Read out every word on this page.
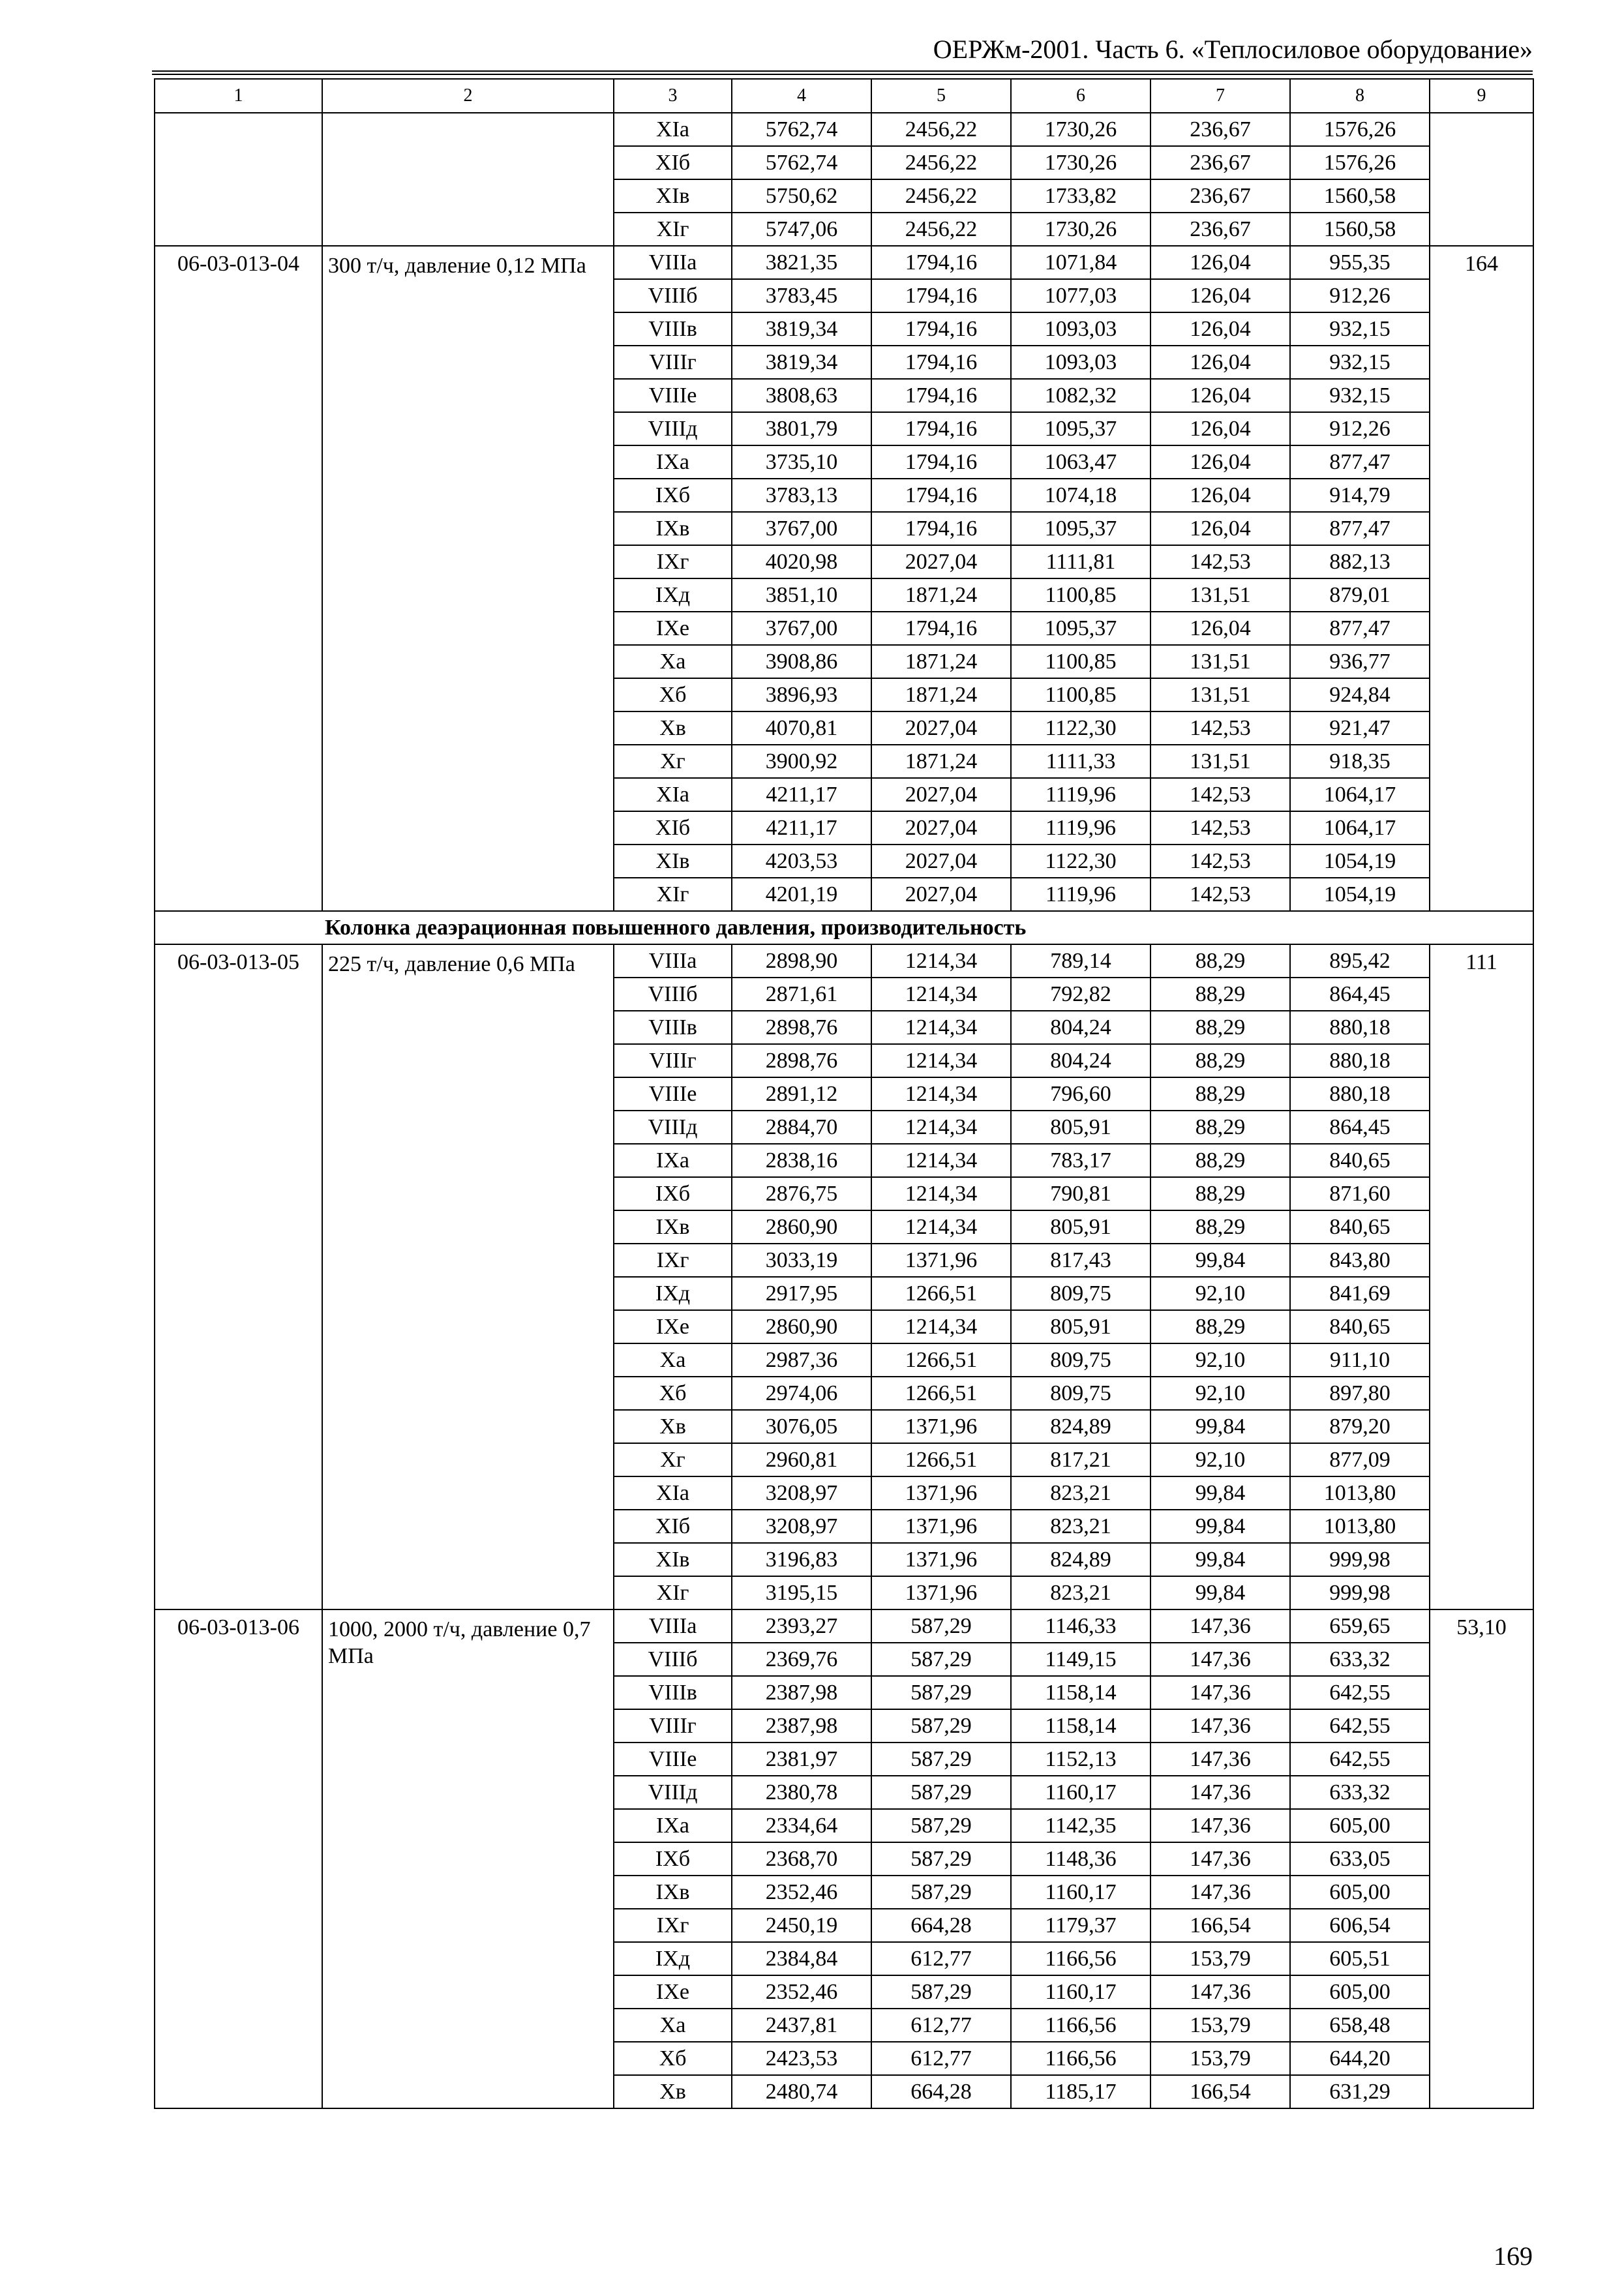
ОЕРЖм-2001. Часть 6. «Теплосиловое оборудование»
1	2	3	4	5	6	7	8	9
		XIа	5762,74	2456,22	1730,26	236,67	1576,26	
		XIб	5762,74	2456,22	1730,26	236,67	1576,26	
		XIв	5750,62	2456,22	1733,82	236,67	1560,58	
		XIг	5747,06	2456,22	1730,26	236,67	1560,58	
06-03-013-04	300 т/ч, давление 0,12 МПа	VIIIа	3821,35	1794,16	1071,84	126,04	955,35	164
		VIIIб	3783,45	1794,16	1077,03	126,04	912,26	
		VIIIв	3819,34	1794,16	1093,03	126,04	932,15	
		VIIIг	3819,34	1794,16	1093,03	126,04	932,15	
		VIIIе	3808,63	1794,16	1082,32	126,04	932,15	
		VIIIд	3801,79	1794,16	1095,37	126,04	912,26	
		IXа	3735,10	1794,16	1063,47	126,04	877,47	
		IXб	3783,13	1794,16	1074,18	126,04	914,79	
		IXв	3767,00	1794,16	1095,37	126,04	877,47	
		IXг	4020,98	2027,04	1111,81	142,53	882,13	
		IXд	3851,10	1871,24	1100,85	131,51	879,01	
		IXе	3767,00	1794,16	1095,37	126,04	877,47	
		Xа	3908,86	1871,24	1100,85	131,51	936,77	
		Xб	3896,93	1871,24	1100,85	131,51	924,84	
		Xв	4070,81	2027,04	1122,30	142,53	921,47	
		Xг	3900,92	1871,24	1111,33	131,51	918,35	
		XIа	4211,17	2027,04	1119,96	142,53	1064,17	
		XIб	4211,17	2027,04	1119,96	142,53	1064,17	
		XIв	4203,53	2027,04	1122,30	142,53	1054,19	
		XIг	4201,19	2027,04	1119,96	142,53	1054,19	
Колонка деаэрационная повышенного давления, производительность								
06-03-013-05	225 т/ч, давление 0,6 МПа	VIIIа	2898,90	1214,34	789,14	88,29	895,42	111
		VIIIб	2871,61	1214,34	792,82	88,29	864,45	
		VIIIв	2898,76	1214,34	804,24	88,29	880,18	
		VIIIг	2898,76	1214,34	804,24	88,29	880,18	
		VIIIе	2891,12	1214,34	796,60	88,29	880,18	
		VIIIд	2884,70	1214,34	805,91	88,29	864,45	
		IXа	2838,16	1214,34	783,17	88,29	840,65	
		IXб	2876,75	1214,34	790,81	88,29	871,60	
		IXв	2860,90	1214,34	805,91	88,29	840,65	
		IXг	3033,19	1371,96	817,43	99,84	843,80	
		IXд	2917,95	1266,51	809,75	92,10	841,69	
		IXе	2860,90	1214,34	805,91	88,29	840,65	
		Xа	2987,36	1266,51	809,75	92,10	911,10	
		Xб	2974,06	1266,51	809,75	92,10	897,80	
		Xв	3076,05	1371,96	824,89	99,84	879,20	
		Xг	2960,81	1266,51	817,21	92,10	877,09	
		XIа	3208,97	1371,96	823,21	99,84	1013,80	
		XIб	3208,97	1371,96	823,21	99,84	1013,80	
		XIв	3196,83	1371,96	824,89	99,84	999,98	
		XIг	3195,15	1371,96	823,21	99,84	999,98	
06-03-013-06	1000, 2000 т/ч, давление 0,7 МПа	VIIIа	2393,27	587,29	1146,33	147,36	659,65	53,10
		VIIIб	2369,76	587,29	1149,15	147,36	633,32	
		VIIIв	2387,98	587,29	1158,14	147,36	642,55	
		VIIIг	2387,98	587,29	1158,14	147,36	642,55	
		VIIIе	2381,97	587,29	1152,13	147,36	642,55	
		VIIIд	2380,78	587,29	1160,17	147,36	633,32	
		IXа	2334,64	587,29	1142,35	147,36	605,00	
		IXб	2368,70	587,29	1148,36	147,36	633,05	
		IXв	2352,46	587,29	1160,17	147,36	605,00	
		IXг	2450,19	664,28	1179,37	166,54	606,54	
		IXд	2384,84	612,77	1166,56	153,79	605,51	
		IXе	2352,46	587,29	1160,17	147,36	605,00	
		Xа	2437,81	612,77	1166,56	153,79	658,48	
		Xб	2423,53	612,77	1166,56	153,79	644,20	
		Xв	2480,74	664,28	1185,17	166,54	631,29	
169
